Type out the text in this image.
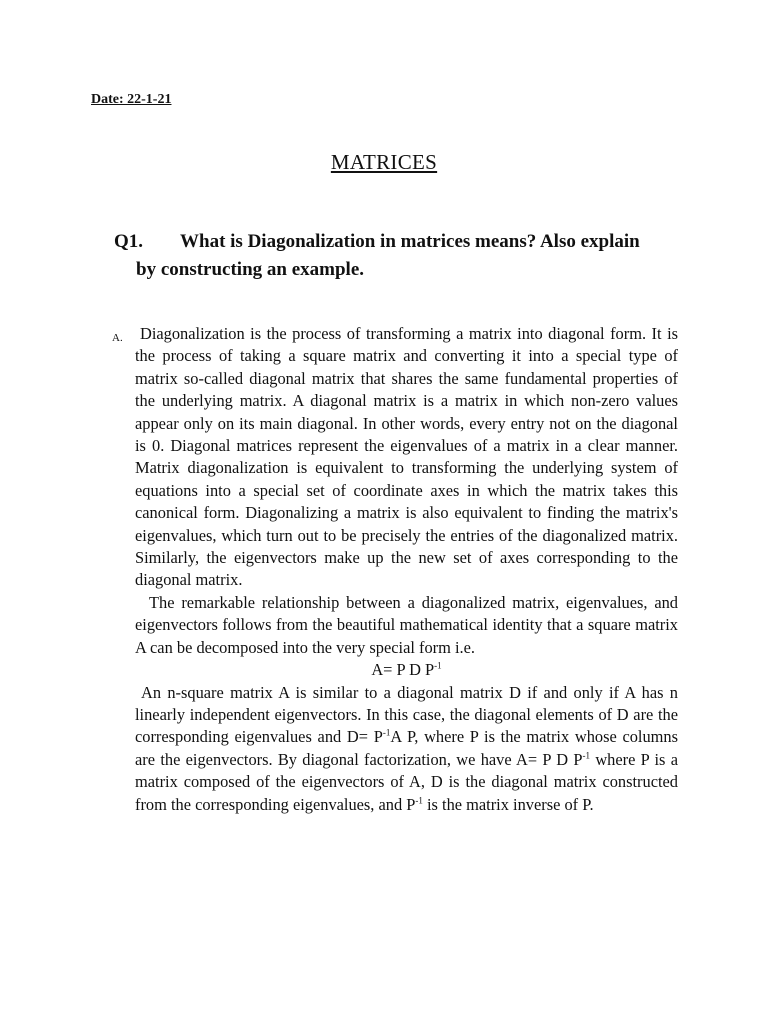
Date: 22-1-21
MATRICES
Q1. What is Diagonalization in matrices means? Also explain
by constructing an example.
A.	Diagonalization is the process of transforming a matrix into diagonal form. It is the process of taking a square matrix and converting it into a special type of matrix so-called diagonal matrix that shares the same fundamental properties of the underlying matrix. A diagonal matrix is a matrix in which non-zero values appear only on its main diagonal. In other words, every entry not on the diagonal is 0. Diagonal matrices represent the eigenvalues of a matrix in a clear manner. Matrix diagonalization is equivalent to transforming the underlying system of equations into a special set of coordinate axes in which the matrix takes this canonical form. Diagonalizing a matrix is also equivalent to finding the matrix's eigenvalues, which turn out to be precisely the entries of the diagonalized matrix. Similarly, the eigenvectors make up the new set of axes corresponding to the diagonal matrix.

The remarkable relationship between a diagonalized matrix, eigenvalues, and eigenvectors follows from the beautiful mathematical identity that a square matrix A can be decomposed into the very special form i.e.

A= P D $P^{-1}$

An n-square matrix A is similar to a diagonal matrix D if and only if A has n linearly independent eigenvectors. In this case, the diagonal elements of D are the corresponding eigenvalues and $D= P^{-1}A$ P, where P is the matrix whose columns are the eigenvectors. By diagonal factorization, we have A= P D $P^{-1}$ where P is a matrix composed of the eigenvectors of A, D is the diagonal matrix constructed from the corresponding eigenvalues, and $P^{-1}$ is the matrix inverse of P.
